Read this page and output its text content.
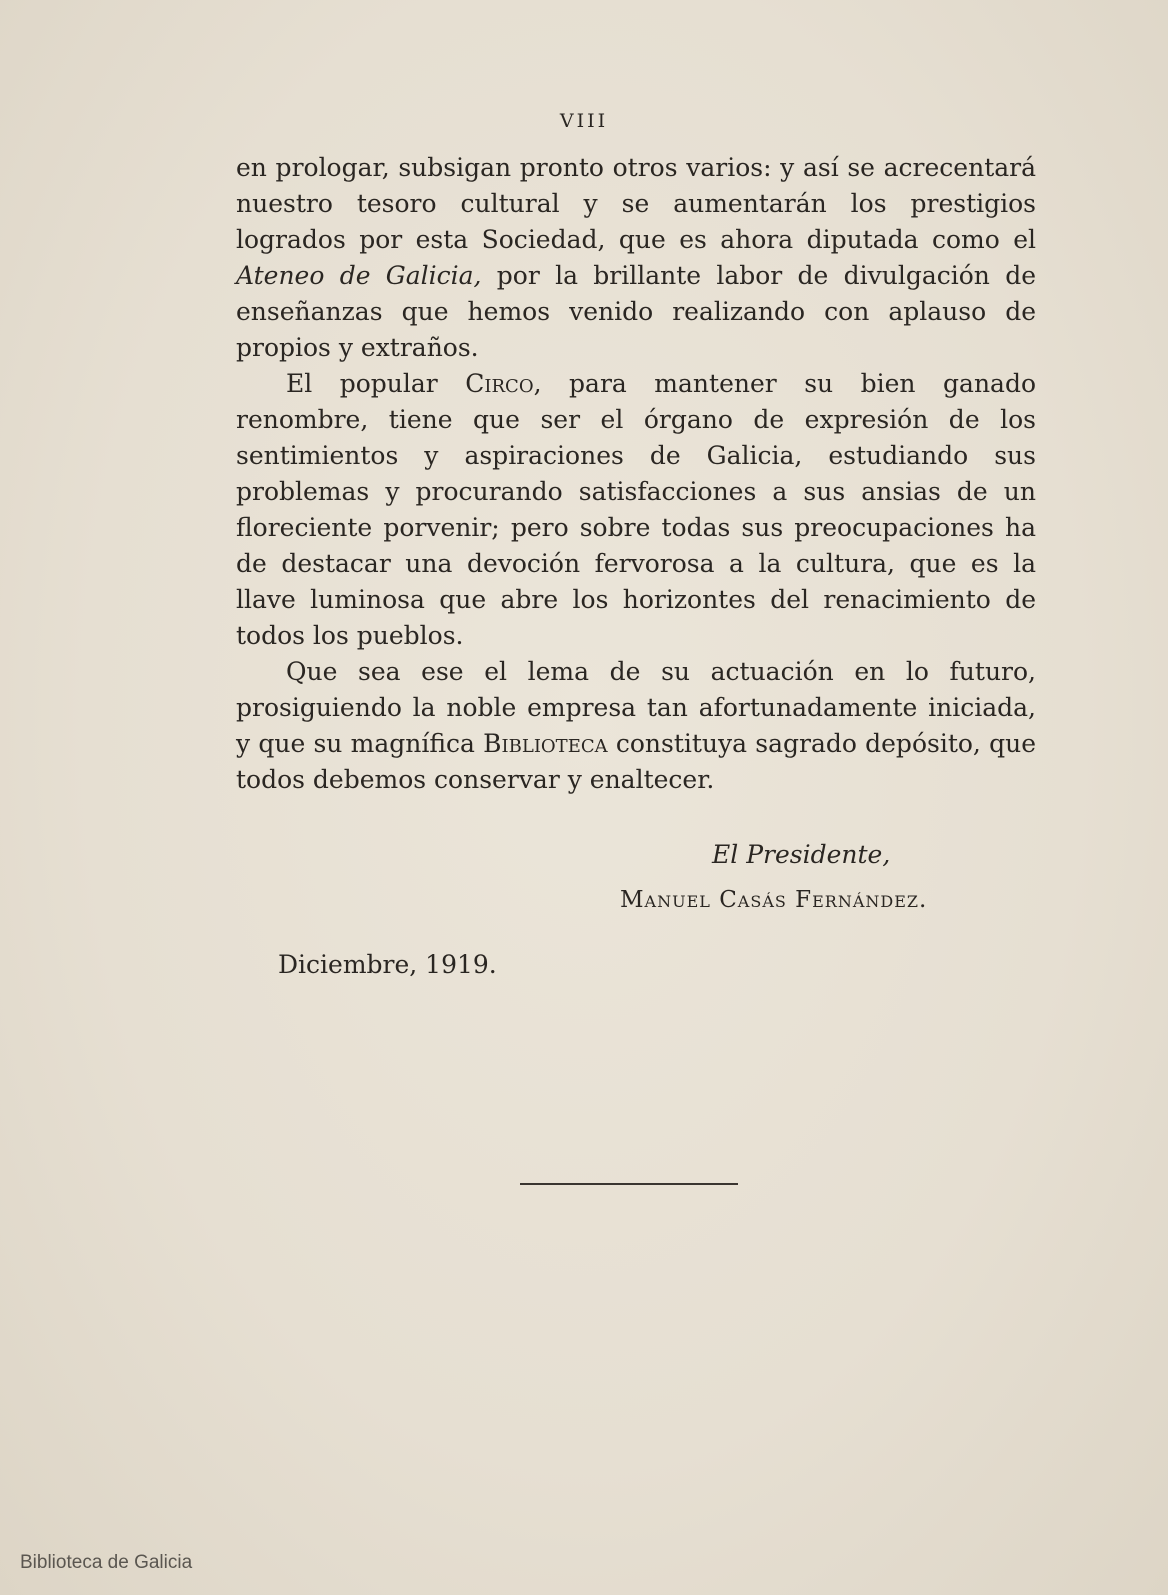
VIII

en prologar, subsigan pronto otros varios: y así se acrecentará nuestro tesoro cultural y se aumentarán los prestigios logrados por esta Sociedad, que es ahora diputada como el Ateneo de Galicia, por la brillante labor de divulgación de enseñanzas que hemos venido realizando con aplauso de propios y extraños.

El popular Circo, para mantener su bien ganado renombre, tiene que ser el órgano de expresión de los sentimientos y aspiraciones de Galicia, estudiando sus problemas y procurando satisfacciones a sus ansias de un floreciente porvenir; pero sobre todas sus preocupaciones ha de destacar una devoción fervorosa a la cultura, que es la llave luminosa que abre los horizontes del renacimiento de todos los pueblos.

Que sea ese el lema de su actuación en lo futuro, prosiguiendo la noble empresa tan afortunadamente iniciada, y que su magnífica Biblioteca constituya sagrado depósito, que todos debemos conservar y enaltecer.

El Presidente,
Manuel Casás Fernández.
Diciembre, 1919.
Biblioteca de Galicia
